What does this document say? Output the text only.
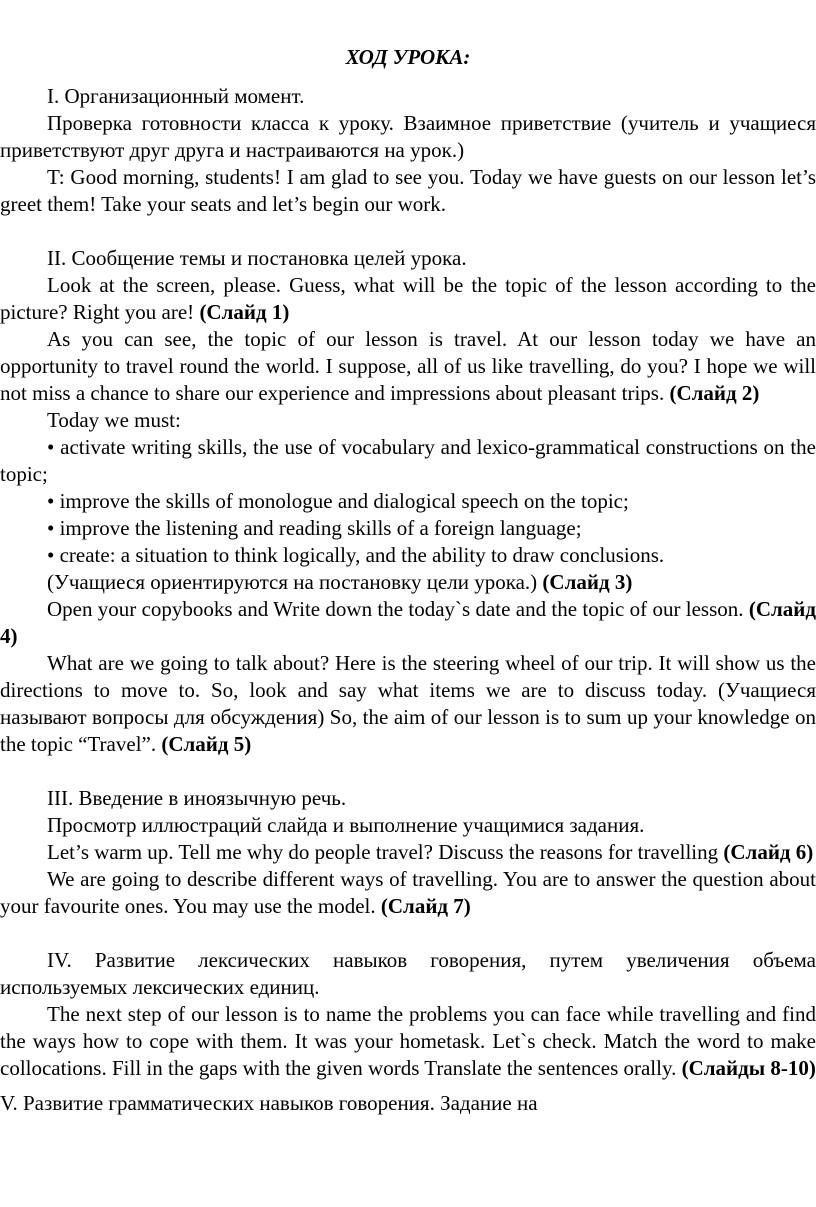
ХОД УРОКА:

I. Организационный момент.

Проверка готовности класса к уроку. Взаимное приветствие (учитель и учащиеся приветствуют друг друга и настраиваются на урок.)

T: Good morning, students! I am glad to see you. Today we have guests on our lesson let’s greet them! Take your seats and let’s begin our work.

II. Сообщение темы и постановка целей урока.

Look at the screen, please. Guess, what will be the topic of the lesson according to the picture? Right you are! (Слайд 1)

As you can see, the topic of our lesson is travel. At our lesson today we have an opportunity to travel round the world. I suppose, all of us like travelling, do you? I hope we will not miss a chance to share our experience and impressions about pleasant trips. (Слайд 2)

Today we must:

• activate writing skills, the use of vocabulary and lexico-grammatical constructions on the topic;

• improve the skills of monologue and dialogical speech on the topic;

• improve the listening and reading skills of a foreign language;

• create: a situation to think logically, and the ability to draw conclusions.

(Учащиеся ориентируются на постановку цели урока.) (Слайд 3)

Open your copybooks and Write down the today`s date and the topic of our lesson. (Слайд 4)

What are we going to talk about? Here is the steering wheel of our trip. It will show us the directions to move to. So, look and say what items we are to discuss today. (Учащиеся называют вопросы для обсуждения) So, the aim of our lesson is to sum up your knowledge on the topic “Travel”. (Слайд 5)

III. Введение в иноязычную речь.

Просмотр иллюстраций слайда и выполнение учащимися задания.

Let’s warm up. Tell me why do people travel? Discuss the reasons for travelling (Слайд 6)

We are going to describe different ways of travelling. You are to answer the question about your favourite ones. You may use the model. (Слайд 7)

IV. Развитие лексических навыков говорения, путем увеличения объема используемых лексических единиц.

The next step of our lesson is to name the problems you can face while travelling and find the ways how to cope with them. It was your hometask. Let`s check. Match the word to make collocations. Fill in the gaps with the given words Translate the sentences orally. (Слайды 8-10)

V. Развитие грамматических навыков говорения. Задание на
